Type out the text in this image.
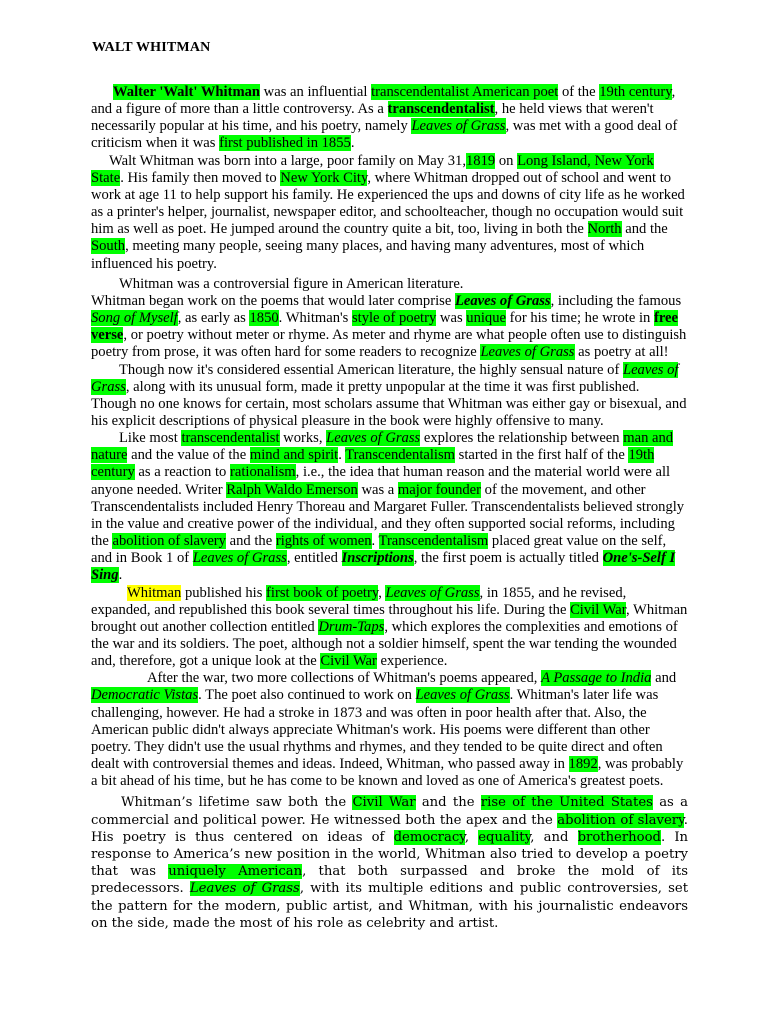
WALT WHITMAN

Walter 'Walt' Whitman was an influential transcendentalist American poet of the 19th century, and a figure of more than a little controversy. As a transcendentalist, he held views that weren't necessarily popular at his time, and his poetry, namely Leaves of Grass, was met with a good deal of criticism when it was first published in 1855.

Walt Whitman was born into a large, poor family on May 31,1819 on Long Island, New York State. His family then moved to New York City, where Whitman dropped out of school and went to work at age 11 to help support his family. He experienced the ups and downs of city life as he worked as a printer's helper, journalist, newspaper editor, and schoolteacher, though no occupation would suit him as well as poet. He jumped around the country quite a bit, too, living in both the North and the South, meeting many people, seeing many places, and having many adventures, most of which influenced his poetry.

Whitman was a controversial figure in American literature.

Whitman began work on the poems that would later comprise Leaves of Grass, including the famous Song of Myself, as early as 1850. Whitman's style of poetry was unique for his time; he wrote in free verse, or poetry without meter or rhyme. As meter and rhyme are what people often use to distinguish poetry from prose, it was often hard for some readers to recognize Leaves of Grass as poetry at all!

Though now it's considered essential American literature, the highly sensual nature of Leaves of Grass, along with its unusual form, made it pretty unpopular at the time it was first published. Though no one knows for certain, most scholars assume that Whitman was either gay or bisexual, and his explicit descriptions of physical pleasure in the book were highly offensive to many.

Like most transcendentalist works, Leaves of Grass explores the relationship between man and nature and the value of the mind and spirit. Transcendentalism started in the first half of the 19th century as a reaction to rationalism, i.e., the idea that human reason and the material world were all anyone needed. Writer Ralph Waldo Emerson was a major founder of the movement, and other Transcendentalists included Henry Thoreau and Margaret Fuller. Transcendentalists believed strongly in the value and creative power of the individual, and they often supported social reforms, including the abolition of slavery and the rights of women. Transcendentalism placed great value on the self, and in Book 1 of Leaves of Grass, entitled Inscriptions, the first poem is actually titled One's-Self I Sing.

Whitman published his first book of poetry, Leaves of Grass, in 1855, and he revised, expanded, and republished this book several times throughout his life. During the Civil War, Whitman brought out another collection entitled Drum-Taps, which explores the complexities and emotions of the war and its soldiers. The poet, although not a soldier himself, spent the war tending the wounded and, therefore, got a unique look at the Civil War experience.

After the war, two more collections of Whitman's poems appeared, A Passage to India and Democratic Vistas. The poet also continued to work on Leaves of Grass. Whitman's later life was challenging, however. He had a stroke in 1873 and was often in poor health after that. Also, the American public didn't always appreciate Whitman's work. His poems were different than other poetry. They didn't use the usual rhythms and rhymes, and they tended to be quite direct and often dealt with controversial themes and ideas. Indeed, Whitman, who passed away in 1892, was probably a bit ahead of his time, but he has come to be known and loved as one of America's greatest poets.

Whitman’s lifetime saw both the Civil War and the rise of the United States as a commercial and political power. He witnessed both the apex and the abolition of slavery. His poetry is thus centered on ideas of democracy, equality, and brotherhood. In response to America’s new position in the world, Whitman also tried to develop a poetry that was uniquely American, that both surpassed and broke the mold of its predecessors. Leaves of Grass, with its multiple editions and public controversies, set the pattern for the modern, public artist, and Whitman, with his journalistic endeavors on the side, made the most of his role as celebrity and artist.
